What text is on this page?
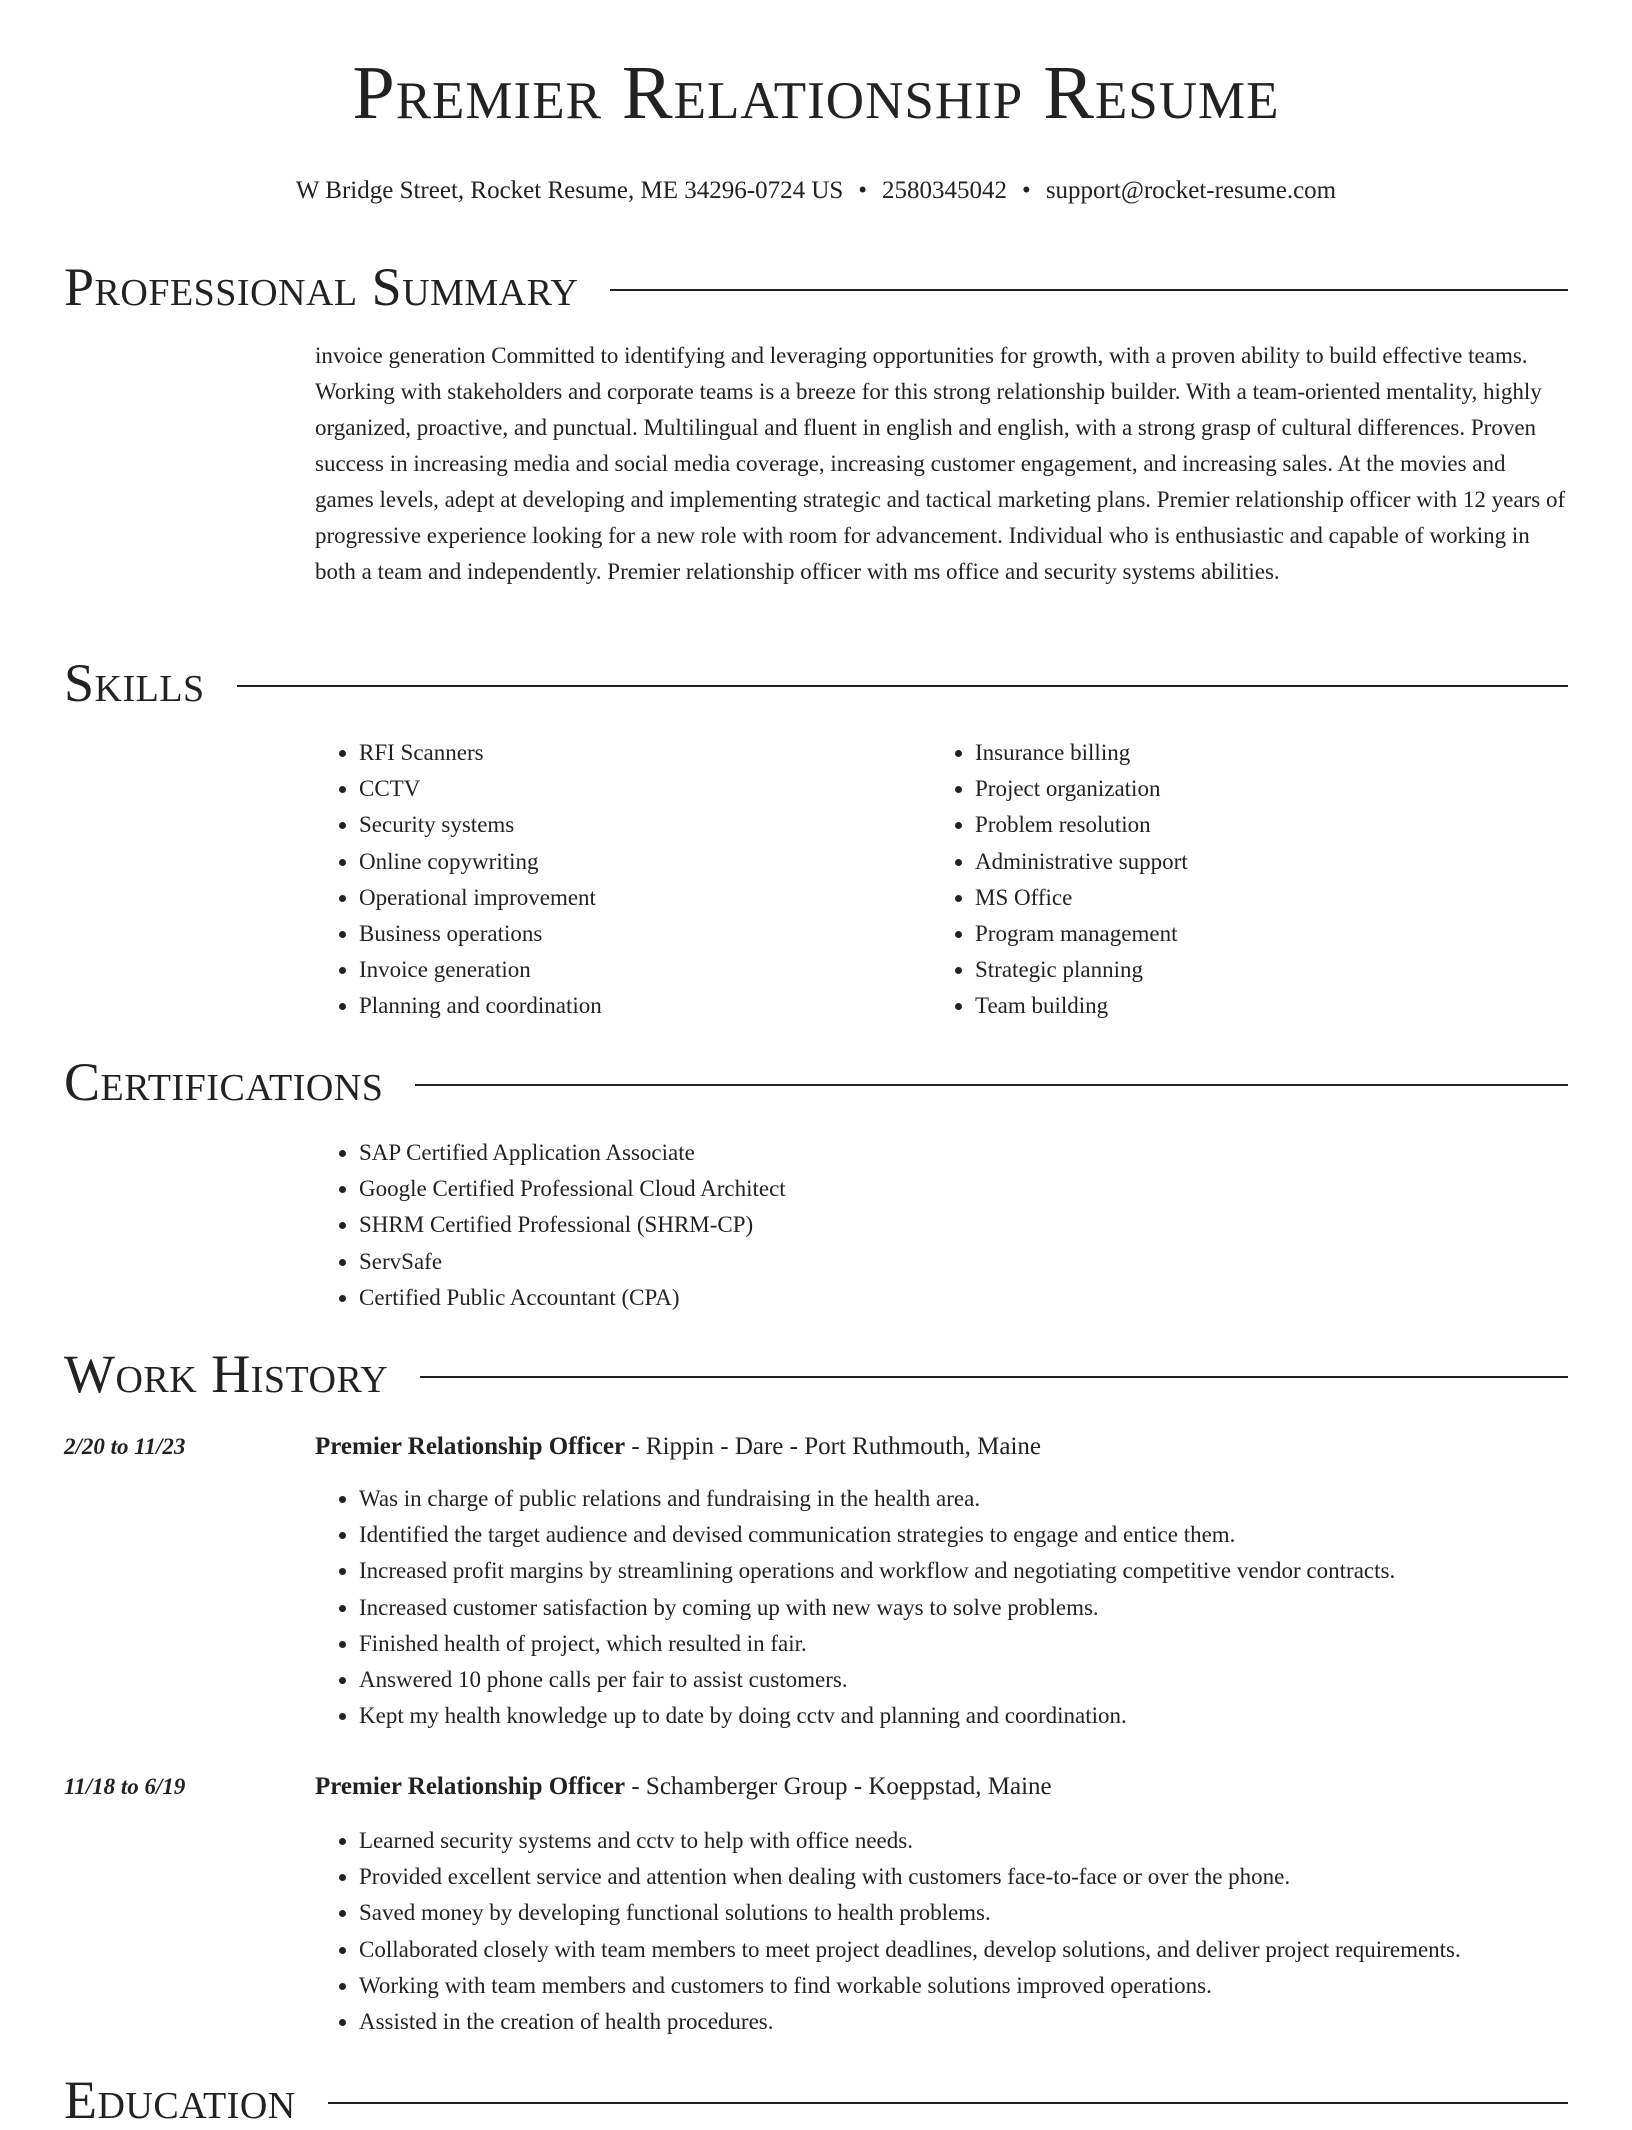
Premier Relationship Resume
W Bridge Street, Rocket Resume, ME 34296-0724 US • 2580345042 • support@rocket-resume.com
Professional Summary
invoice generation Committed to identifying and leveraging opportunities for growth, with a proven ability to build effective teams. Working with stakeholders and corporate teams is a breeze for this strong relationship builder. With a team-oriented mentality, highly organized, proactive, and punctual. Multilingual and fluent in english and english, with a strong grasp of cultural differences. Proven success in increasing media and social media coverage, increasing customer engagement, and increasing sales. At the movies and games levels, adept at developing and implementing strategic and tactical marketing plans. Premier relationship officer with 12 years of progressive experience looking for a new role with room for advancement. Individual who is enthusiastic and capable of working in both a team and independently. Premier relationship officer with ms office and security systems abilities.
Skills
• RFI Scanners
• CCTV
• Security systems
• Online copywriting
• Operational improvement
• Business operations
• Invoice generation
• Planning and coordination
• Insurance billing
• Project organization
• Problem resolution
• Administrative support
• MS Office
• Program management
• Strategic planning
• Team building
Certifications
• SAP Certified Application Associate
• Google Certified Professional Cloud Architect
• SHRM Certified Professional (SHRM-CP)
• ServSafe
• Certified Public Accountant (CPA)
Work History
2/20 to 11/23	Premier Relationship Officer - Rippin - Dare - Port Ruthmouth, Maine
• Was in charge of public relations and fundraising in the health area.
• Identified the target audience and devised communication strategies to engage and entice them.
• Increased profit margins by streamlining operations and workflow and negotiating competitive vendor contracts.
• Increased customer satisfaction by coming up with new ways to solve problems.
• Finished health of project, which resulted in fair.
• Answered 10 phone calls per fair to assist customers.
• Kept my health knowledge up to date by doing cctv and planning and coordination.
11/18 to 6/19	Premier Relationship Officer - Schamberger Group - Koeppstad, Maine
• Learned security systems and cctv to help with office needs.
• Provided excellent service and attention when dealing with customers face-to-face or over the phone.
• Saved money by developing functional solutions to health problems.
• Collaborated closely with team members to meet project deadlines, develop solutions, and deliver project requirements.
• Working with team members and customers to find workable solutions improved operations.
• Assisted in the creation of health procedures.
Education
